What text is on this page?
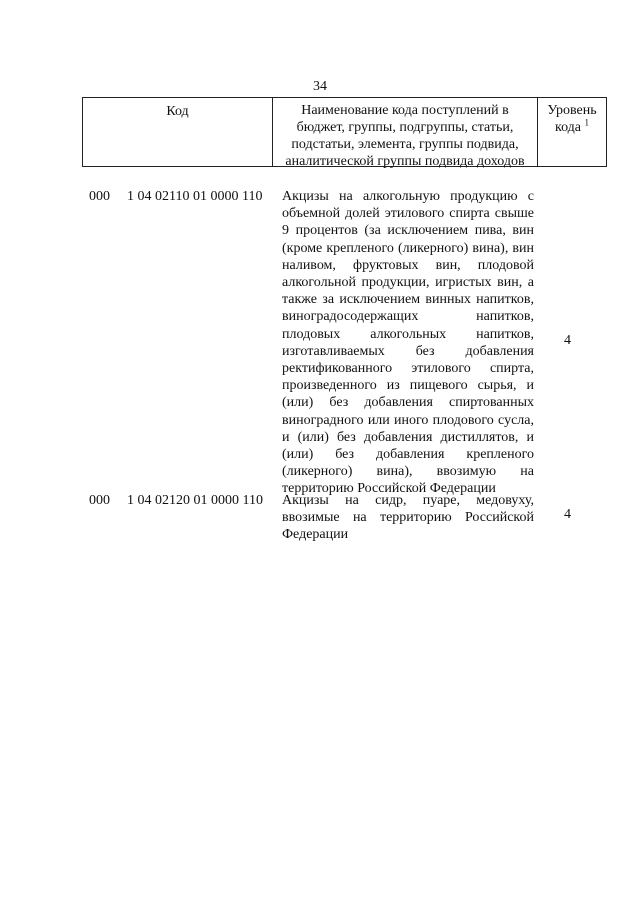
34
Код	Наименование кода поступлений в
бюджет, группы, подгруппы, статьи,
подстатьи, элемента, группы подвида,
аналитической группы подвида доходов
Уровень
кода $^1$
000 1 04 02110 01 0000 110 Акцизы на алкогольную продукцию с объемной долей этилового спирта свыше 9 процентов (за исключением пива, вин (кроме крепленого (ликерного) вина), вин наливом, фруктовых вин, плодовой алкогольной продукции, игристых вин, а также за исключением винных напитков, виноградосодержащих напитков, плодовых алкогольных напитков, изготавливаемых без добавления ректификованного этилового спирта, произведенного из пищевого сырья, и (или) без добавления спиртованных виноградного или иного плодового сусла, и (или) без добавления дистиллятов, и (или) без добавления крепленого (ликерного) вина), ввозимую на территорию Российской Федерации
4
000 1 04 02120 01 0000 110 Акцизы на сидр, пуаре, медовуху, ввозимые на территорию Российской Федерации
4
